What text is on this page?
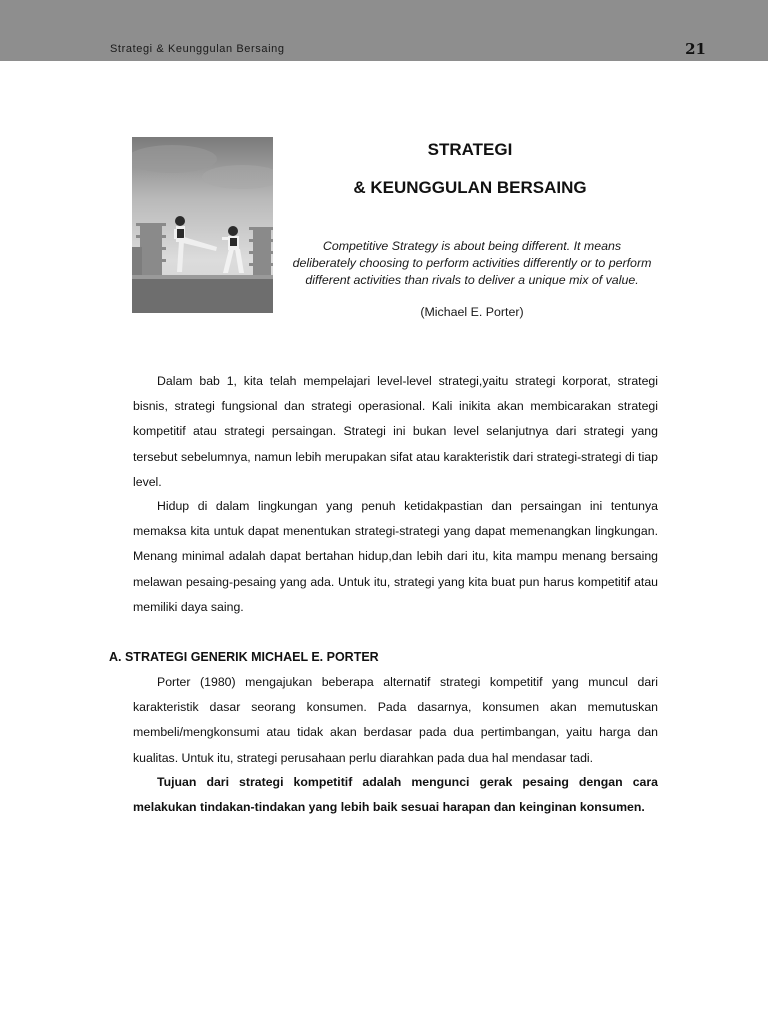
Strategi & Keunggulan Bersaing	21
STRATEGI
& KEUNGGULAN BERSAING
Competitive Strategy is about being different. It means deliberately choosing to perform activities differently or to perform different activities than rivals to deliver a unique mix of value.
(Michael E. Porter)

Dalam bab 1, kita telah mempelajari level-level strategi,yaitu strategi korporat, strategi bisnis, strategi fungsional dan strategi operasional. Kali inikita akan membicarakan strategi kompetitif atau strategi persaingan. Strategi ini bukan level selanjutnya dari strategi yang tersebut sebelumnya, namun lebih merupakan sifat atau karakteristik dari strategi-strategi di tiap level.

Hidup di dalam lingkungan yang penuh ketidakpastian dan persaingan ini tentunya memaksa kita untuk dapat menentukan strategi-strategi yang dapat memenangkan lingkungan. Menang minimal adalah dapat bertahan hidup,dan lebih dari itu, kita mampu menang bersaing melawan pesaing-pesaing yang ada. Untuk itu, strategi yang kita buat pun harus kompetitif atau memiliki daya saing.

A. STRATEGI GENERIK MICHAEL E. PORTER

Porter (1980) mengajukan beberapa alternatif strategi kompetitif yang muncul dari karakteristik dasar seorang konsumen. Pada dasarnya, konsumen akan memutuskan membeli/mengkonsumi atau tidak akan berdasar pada dua pertimbangan, yaitu harga dan kualitas. Untuk itu, strategi perusahaan perlu diarahkan pada dua hal mendasar tadi.

Tujuan dari strategi kompetitif adalah mengunci gerak pesaing dengan cara melakukan tindakan-tindakan yang lebih baik sesuai harapan dan keinginan konsumen.
